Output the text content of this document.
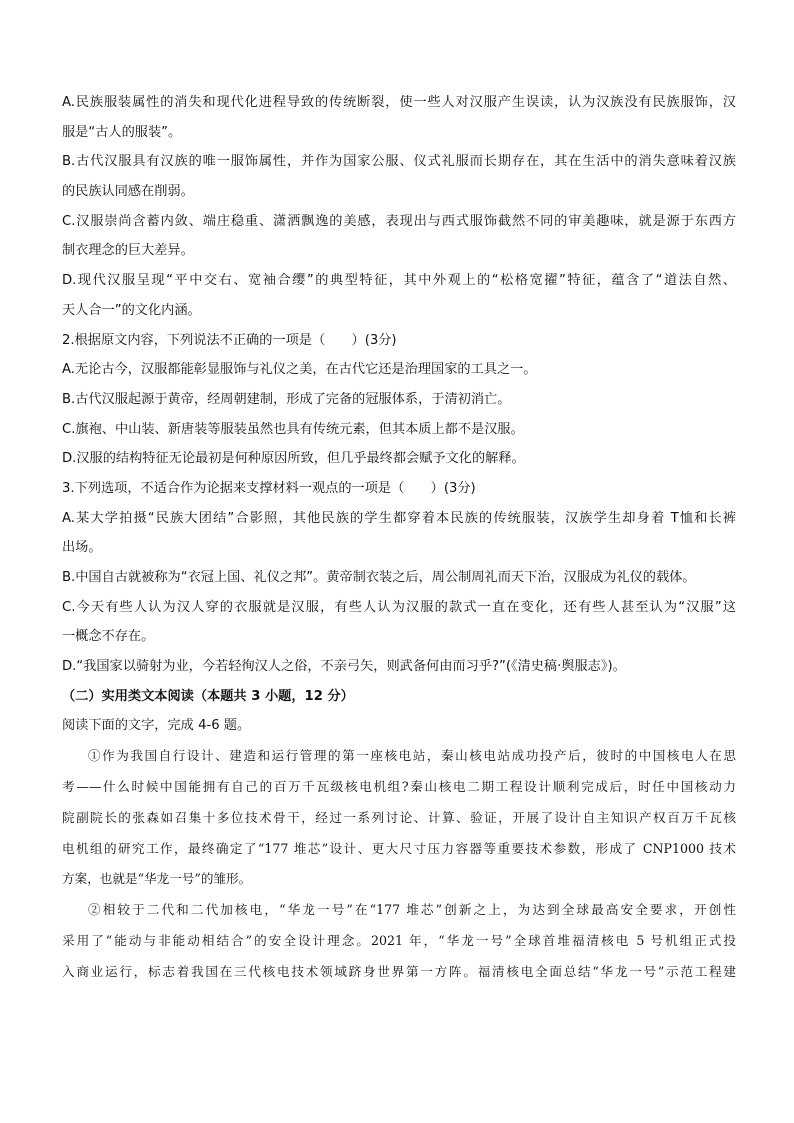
A.民族服装属性的消失和现代化进程导致的传统断裂，使一些人对汉服产生误读，认为汉族没有民族服饰，汉
服是“古人的服装”。
B.古代汉服具有汉族的唯一服饰属性，并作为国家公服、仪式礼服而长期存在，其在生活中的消失意味着汉族
的民族认同感在削弱。
C.汉服崇尚含蓄内敛、端庄稳重、潇洒飘逸的美感，表现出与西式服饰截然不同的审美趣味，就是源于东西方
制衣理念的巨大差异。
D.现代汉服呈现“平中交右、宽袖合缨”的典型特征，其中外观上的“松格宽擢”特征，蕴含了“道法自然、
天人合一”的文化内涵。
2.根据原文内容，下列说法不正确的一项是（　　）(3分)
A.无论古今，汉服都能彰显服饰与礼仪之美，在古代它还是治理国家的工具之一。
B.古代汉服起源于黄帝，经周朝建制，形成了完备的冠服体系，于清初消亡。
C.旗袍、中山装、新唐装等服装虽然也具有传统元素，但其本质上都不是汉服。
D.汉服的结构特征无论最初是何种原因所致，但几乎最终都会赋予文化的解释。
3.下列选项，不适合作为论据来支撑材料一观点的一项是（　　）(3分)
A.某大学拍摄“民族大团结”合影照，其他民族的学生都穿着本民族的传统服装，汉族学生却身着 T恤和长裤
出场。
B.中国自古就被称为“衣冠上国、礼仪之邦”。黄帝制衣装之后，周公制周礼而天下治，汉服成为礼仪的载体。
C.今天有些人认为汉人穿的衣服就是汉服，有些人认为汉服的款式一直在变化，还有些人甚至认为“汉服”这
一概念不存在。
D.“我国家以骑射为业，今若轻徇汉人之俗，不亲弓矢，则武备何由而习乎?”(《清史稿·舆服志》)。
（二）实用类文本阅读（本题共 3 小题，12 分）
阅读下面的文字，完成 4-6 题。
①作为我国自行设计、建造和运行管理的第一座核电站，秦山核电站成功投产后，彼时的中国核电人在思
考——什么时候中国能拥有自己的百万千瓦级核电机组?秦山核电二期工程设计顺利完成后，时任中国核动力
院副院长的张森如召集十多位技术骨干，经过一系列讨论、计算、验证，开展了设计自主知识产权百万千瓦核
电机组的研究工作，最终确定了“177 堆芯”设计、更大尺寸压力容器等重要技术参数，形成了 CNP1000 技术
方案，也就是“华龙一号”的雏形。
②相较于二代和二代加核电，“华龙一号”在“177 堆芯”创新之上，为达到全球最高安全要求，开创性
采用了“能动与非能动相结合”的安全设计理念。2021 年，“华龙一号”全球首堆福清核电 5 号机组正式投
入商业运行，标志着我国在三代核电技术领域跻身世界第一方阵。福清核电全面总结“华龙一号”示范工程建
